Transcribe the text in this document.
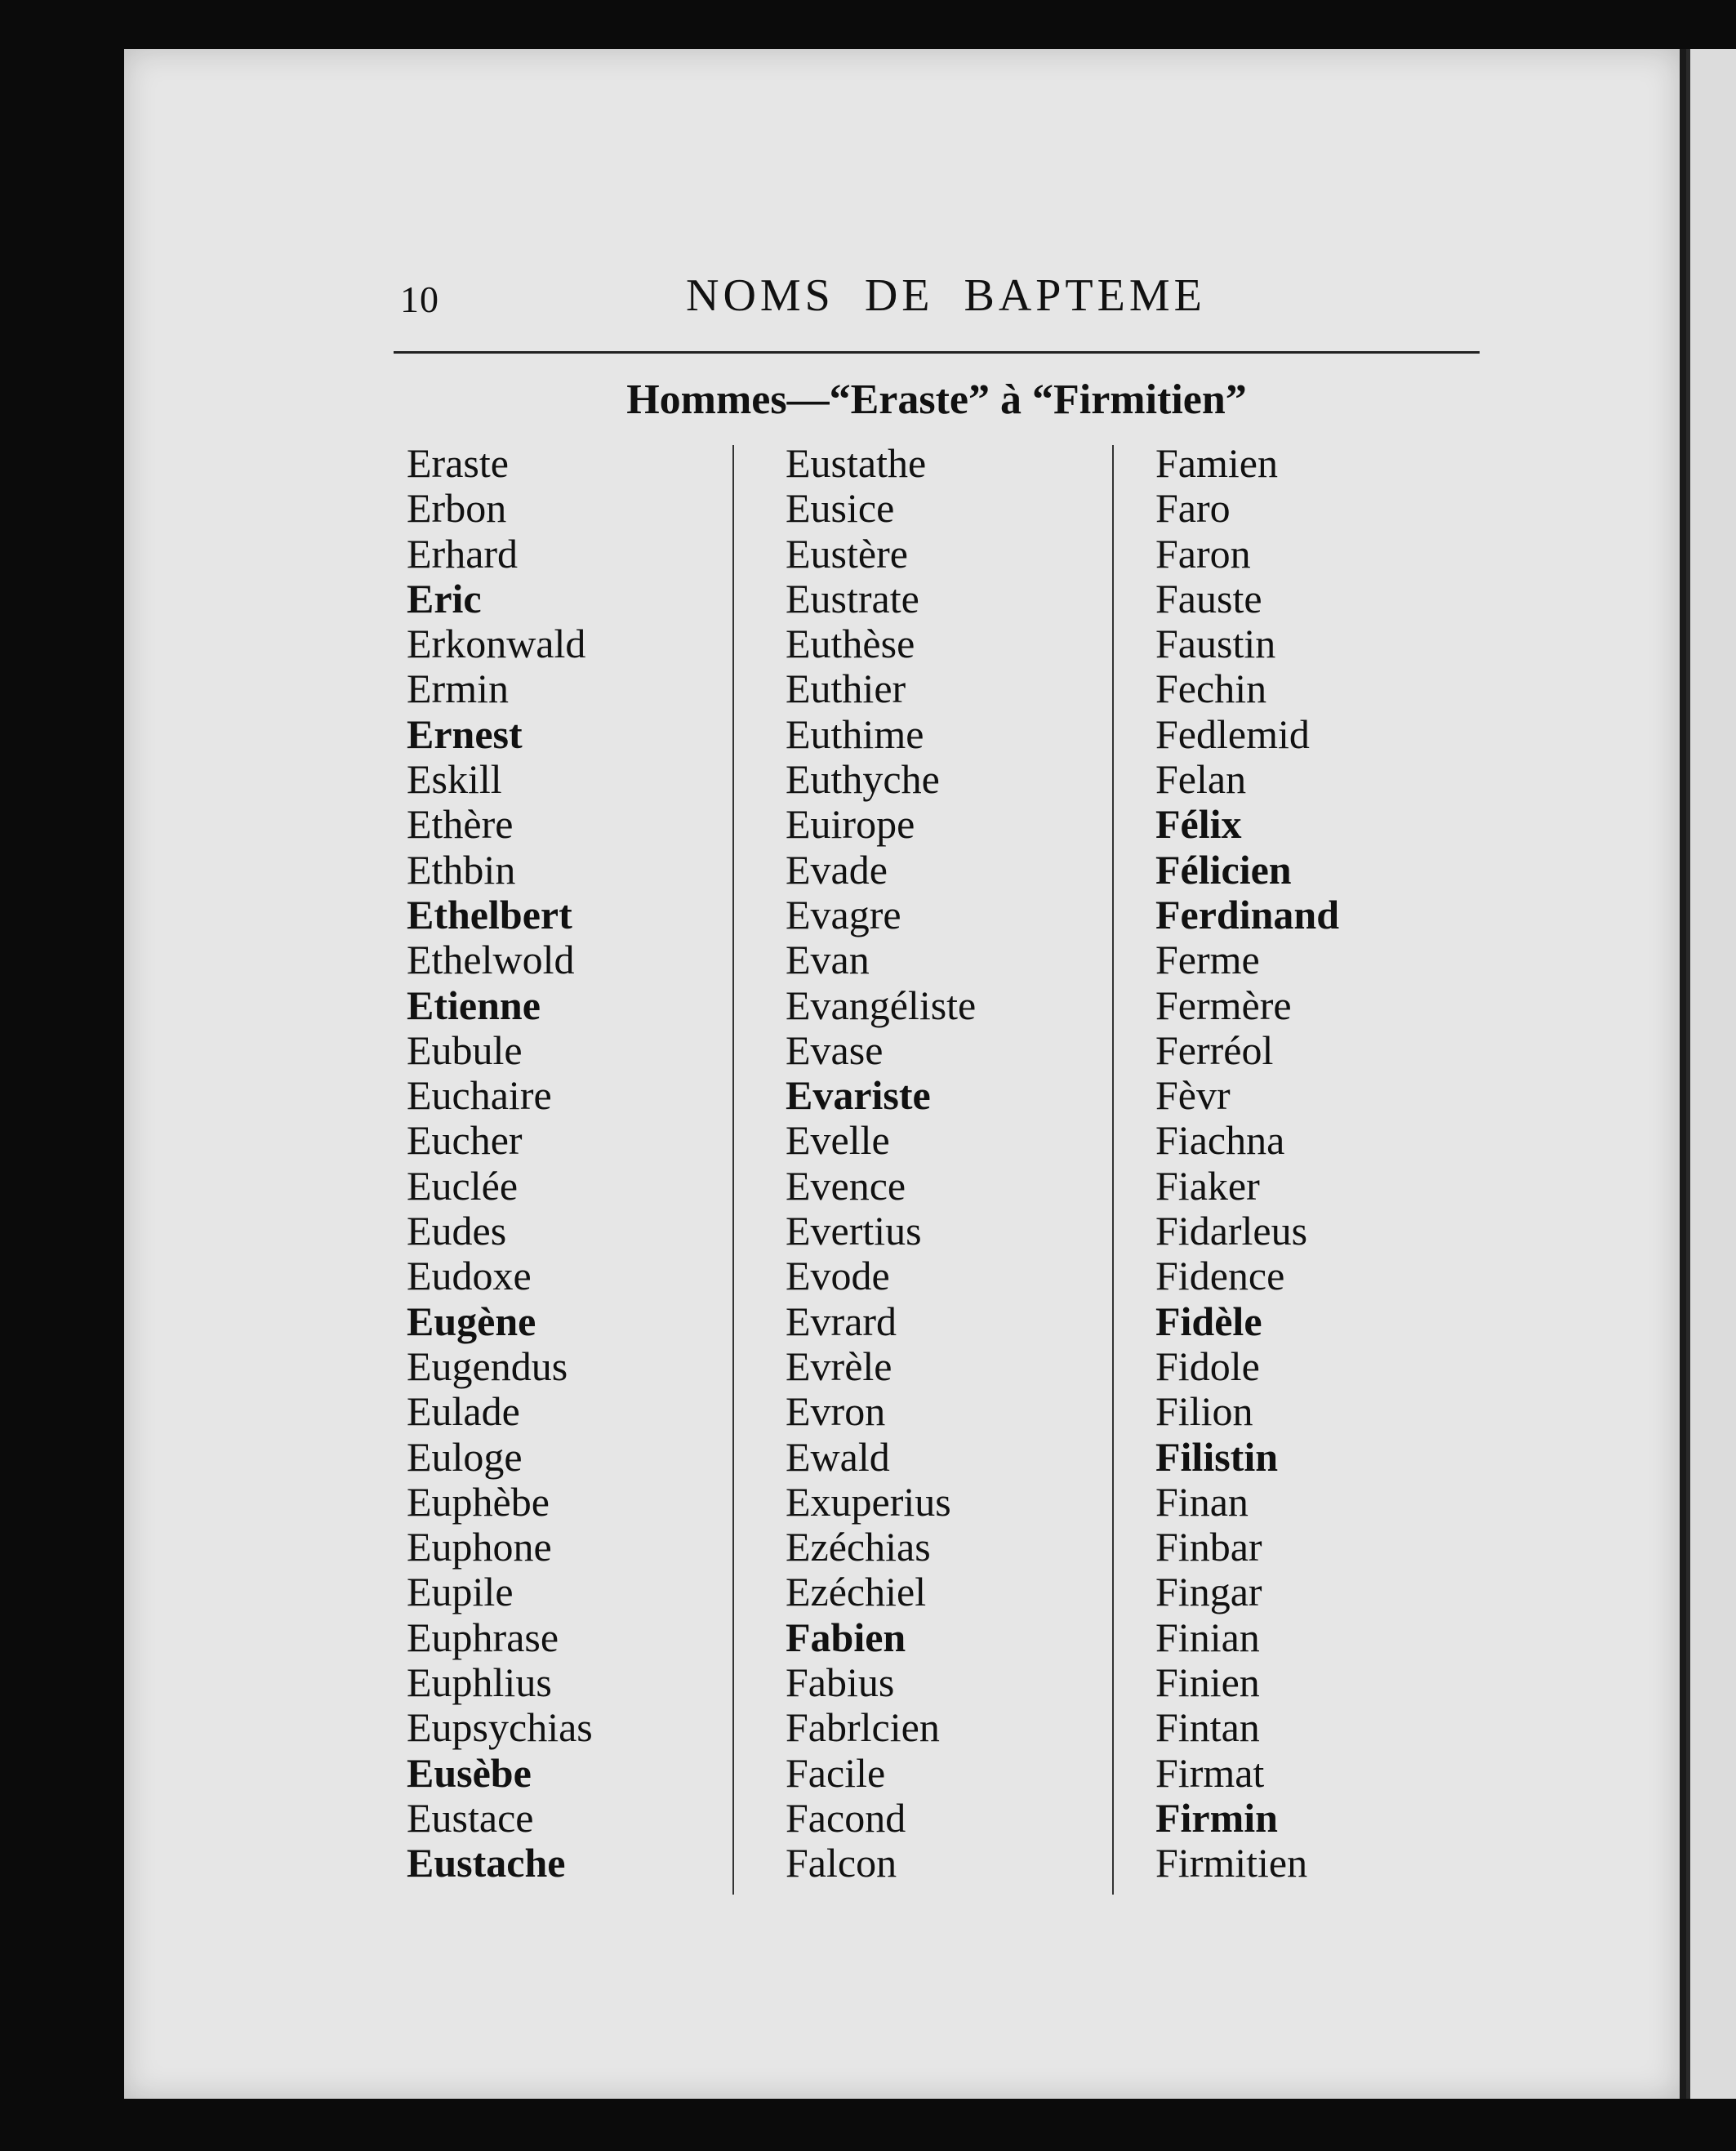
10	NOMS DE BAPTEME
Hommes—“Eraste” à “Firmitien”
Eraste
Erbon
Erhard
Eric
Erkonwald
Ermin
Ernest
Eskill
Ethère
Ethbin
Ethelbert
Ethelwold
Etienne
Eubule
Euchaire
Eucher
Euclée
Eudes
Eudoxe
Eugène
Eugendus
Eulade
Euloge
Euphèbe
Euphone
Eupile
Euphrase
Euphlius
Eupsychias
Eusèbe
Eustace
Eustache
Eustathe
Eusice
Eustère
Eustrate
Euthèse
Euthier
Euthime
Euthyche
Euirope
Evade
Evagre
Evan
Evangéliste
Evase
Evariste
Evelle
Evence
Evertius
Evode
Evrard
Evrèle
Evron
Ewald
Exuperius
Ezéchias
Ezéchiel
Fabien
Fabius
Fabrlcien
Facile
Facond
Falcon
Famien
Faro
Faron
Fauste
Faustin
Fechin
Fedlemid
Felan
Félix
Félicien
Ferdinand
Ferme
Fermère
Ferréol
Fèvr
Fiachna
Fiaker
Fidarleus
Fidence
Fidèle
Fidole
Filion
Filistin
Finan
Finbar
Fingar
Finian
Finien
Fintan
Firmat
Firmin
Firmitien
